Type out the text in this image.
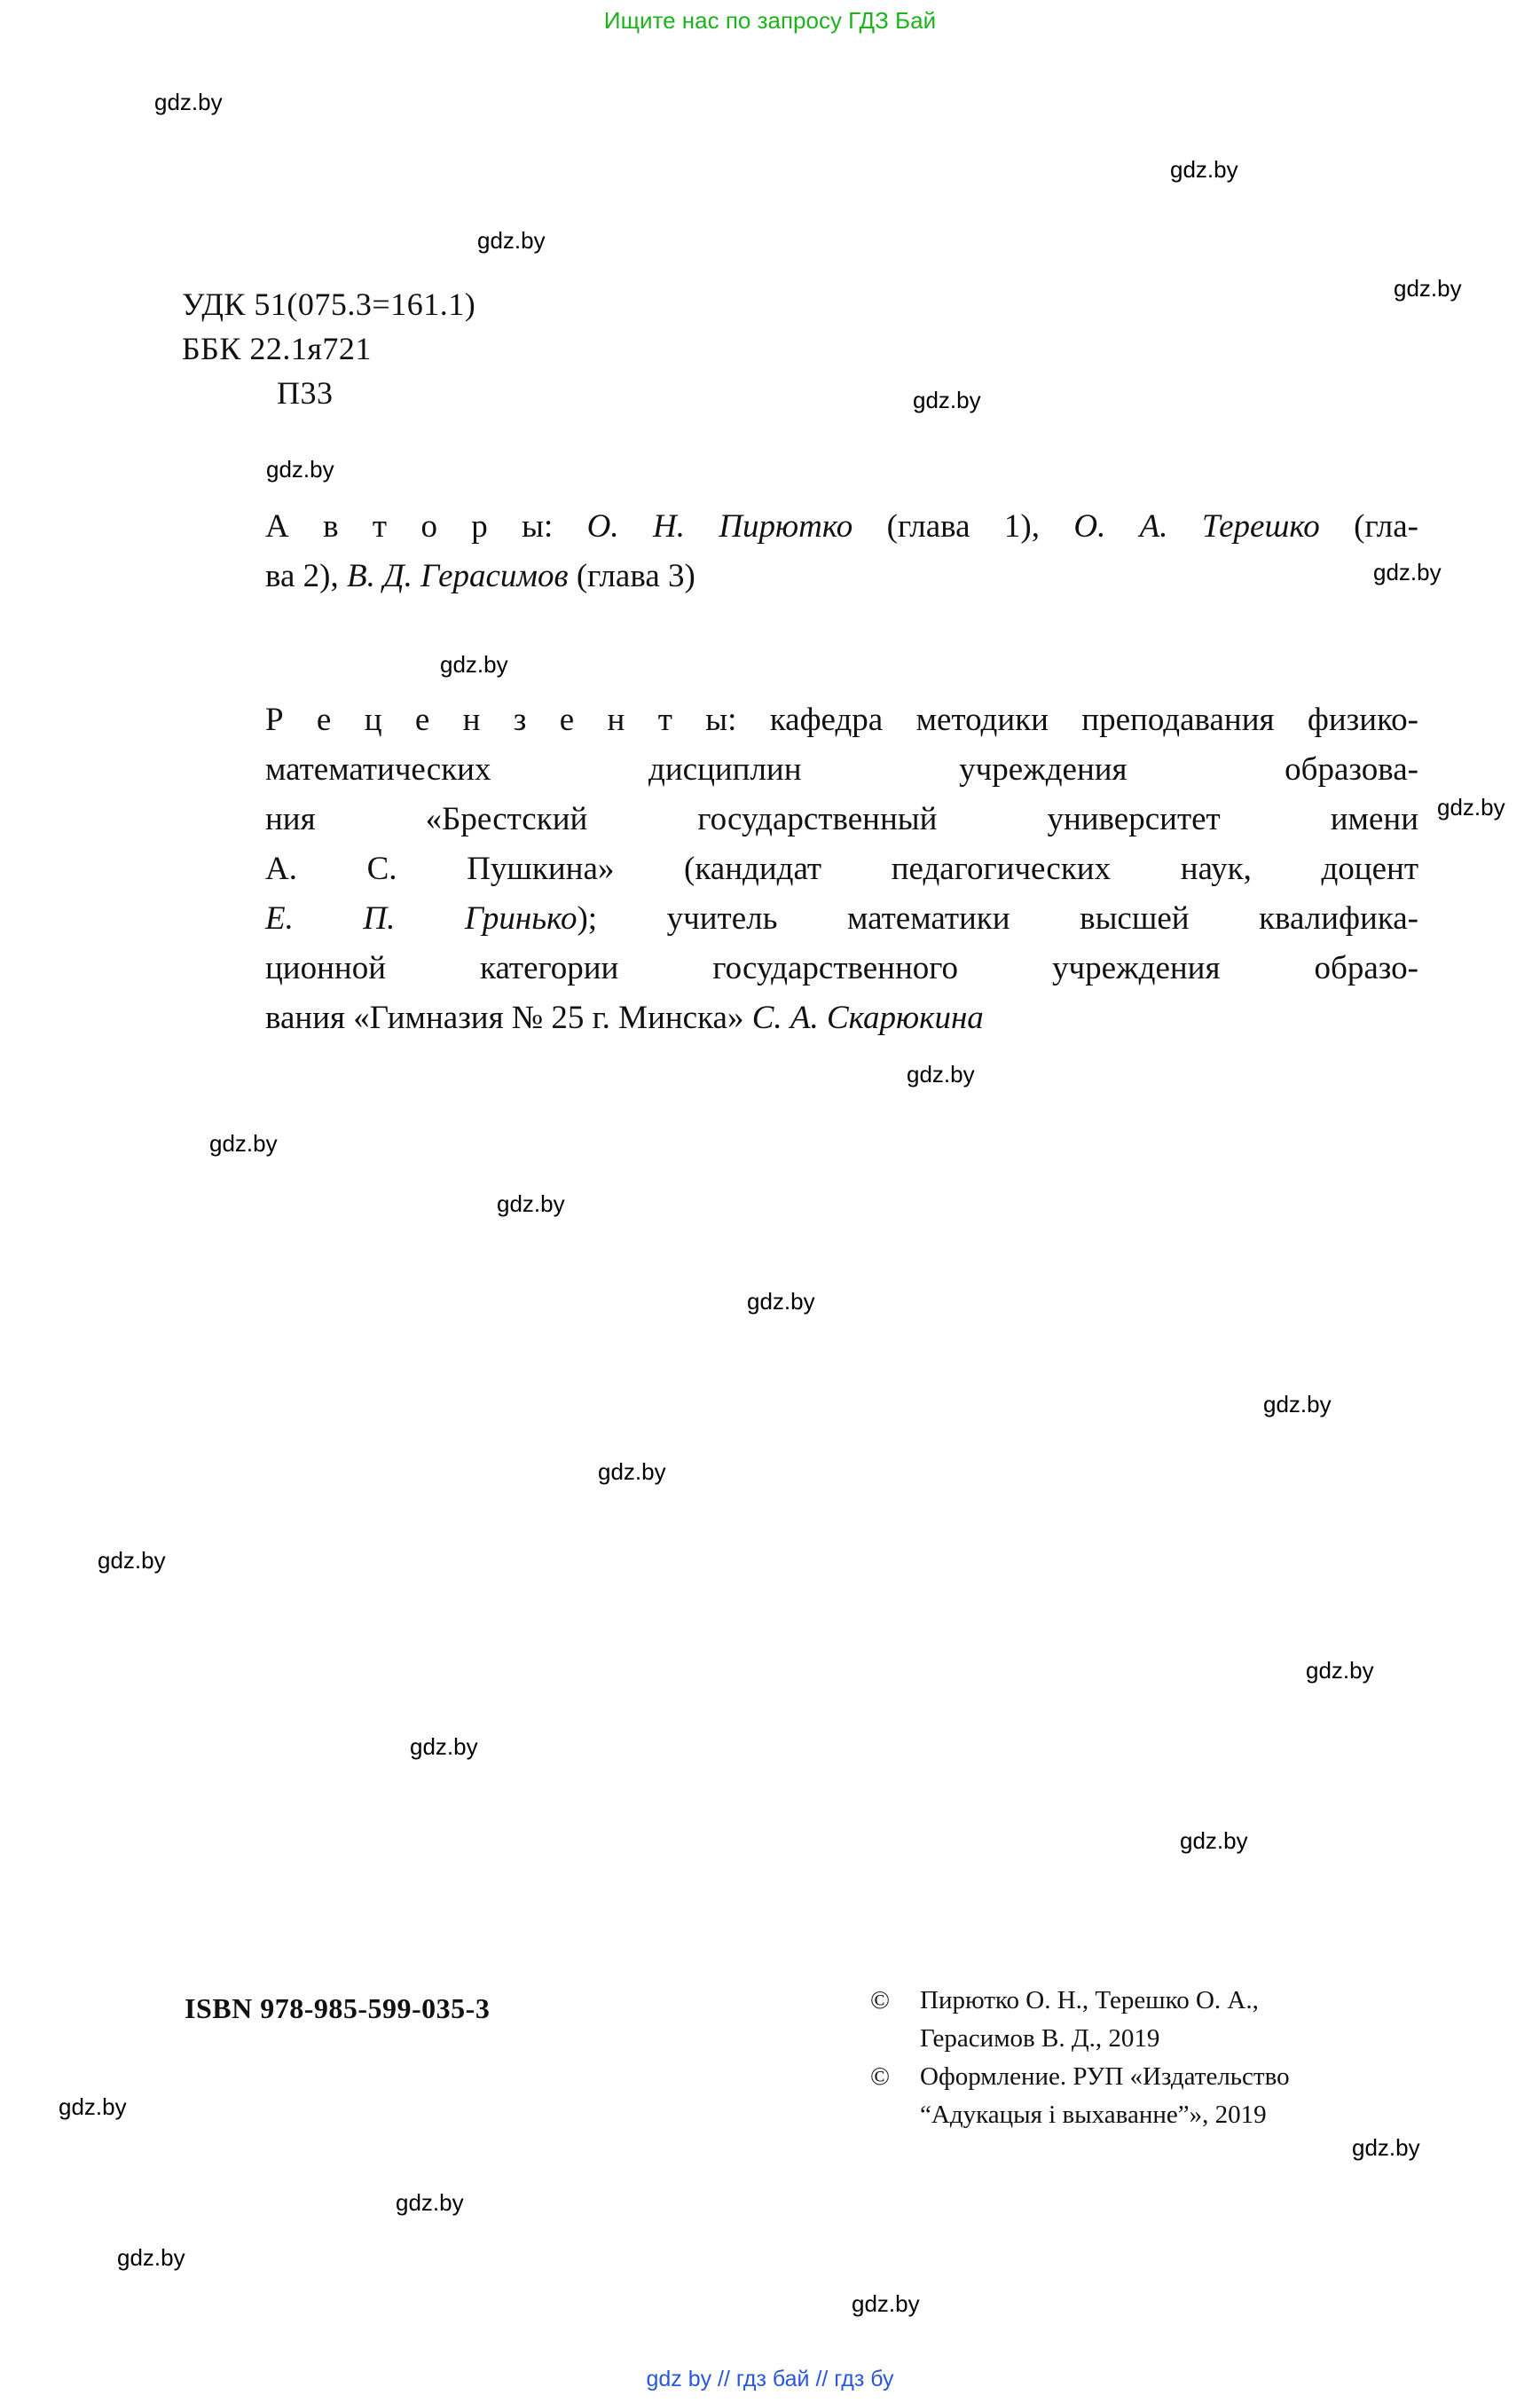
Ищите нас по запросу ГДЗ Бай
gdz.by
gdz.by
gdz.by
gdz.by
gdz.by
gdz.by
gdz.by
gdz.by
gdz.by
gdz.by
gdz.by
gdz.by
gdz.by
gdz.by
gdz.by
gdz.by
gdz.by
gdz.by
gdz.by
gdz.by
gdz.by
gdz.by
gdz.by
gdz.by
УДК 51(075.3=161.1)
ББК 22.1я721
П33
А в т о р ы: О. Н. Пирютко (глава 1), О. А. Терешко (гла-
ва 2), В. Д. Герасимов (глава 3)
Р е ц е н з е н т ы: кафедра методики преподавания физико-
математических дисциплин учреждения образова-
ния «Брестский государственный университет имени
А. С. Пушкина» (кандидат педагогических наук, доцент
Е. П. Гринько); учитель математики высшей квалифика-
ционной категории государственного учреждения образо-
вания «Гимназия № 25 г. Минска» С. А. Скарюкина
ISBN 978-985-599-035-3	©	Пирютко О. Н., Терешко О. А.,
Герасимов В. Д., 2019
©	Оформление. РУП «Издательство
“Адукацыя і выхаванне”», 2019
gdz by // гдз бай // гдз бу
